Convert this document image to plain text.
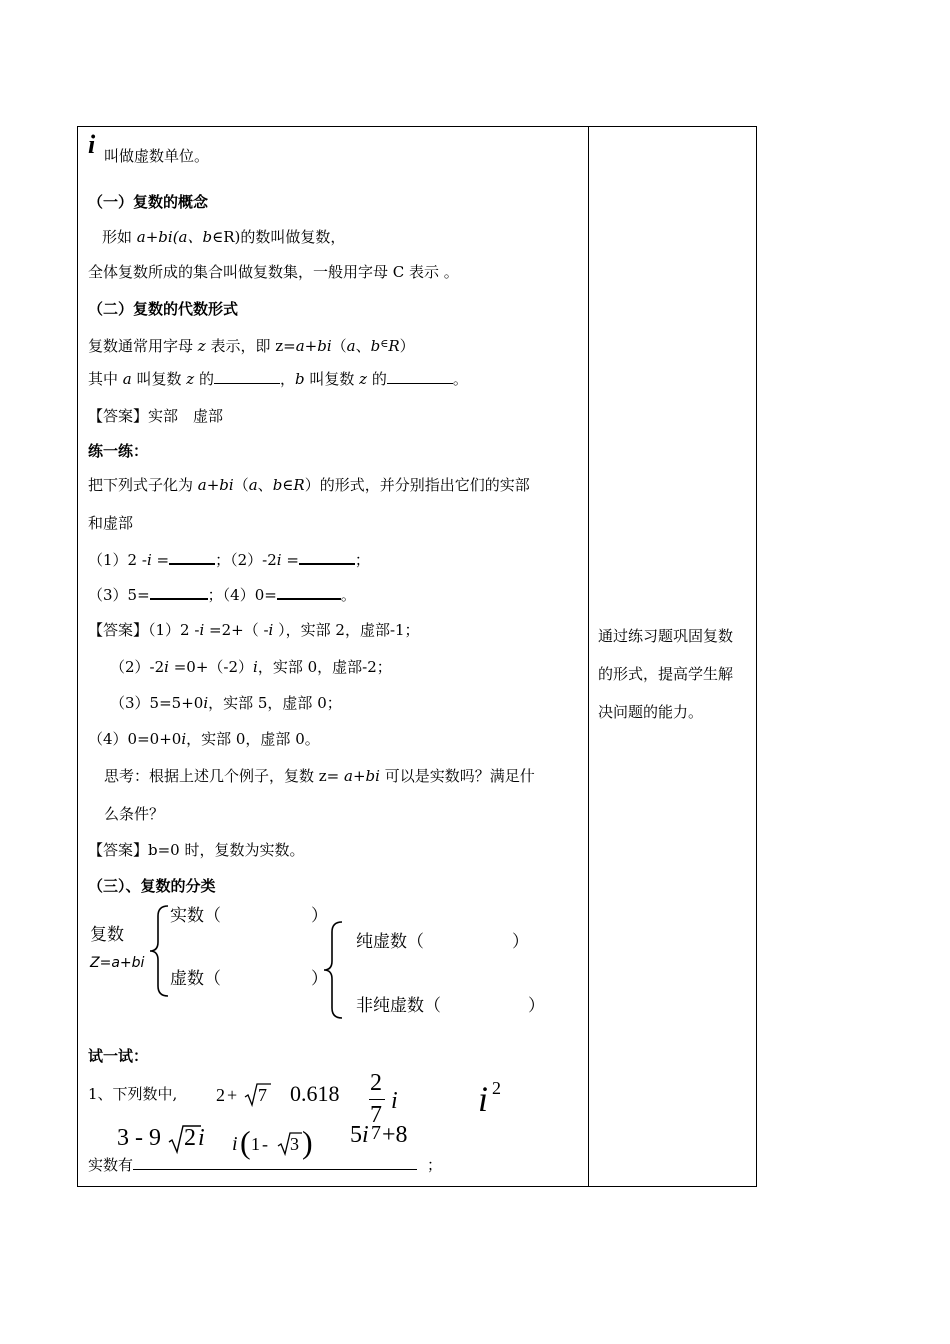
i 叫做虚数单位。
（一）复数的概念
形如 a+bi(a、b∈R)的数叫做复数，
全体复数所成的集合叫做复数集，一般用字母 C 表示 。
（二）复数的代数形式
复数通常用字母 z 表示，即 z=a+bi（a、b∈R）
其中 a 叫复数 z 的	，b 叫复数 z 的	。
【答案】实部　虚部
练一练：
把下列式子化为 a+bi（a、b∈R）的形式，并分别指出它们的实部
和虚部
（1）2 -i =	；（2）-2i =	；
（3）5=	；（4）0=	。
【答案】（1）2 -i =2+（ -i ），实部 2，虚部-1；
（2）-2i =0+（-2）i，实部 0，虚部-2；
（3）5=5+0i，实部 5，虚部 0；
（4）0=0+0i，实部 0，虚部 0。
思考：根据上述几个例子，复数 z= a+bi 可以是实数吗？满足什
么条件？
【答案】b=0 时，复数为实数。
（三）、复数的分类
复数
Z=a+bi
实数（	）
虚数（	）
纯虚数（	）
非纯虚数（	）
试一试：
1、下列数中, 2 + 7 0.618 2
7
i i 2
3 - 9 2 i i ( 1 - 3 ) 5i 7 +8
实数有	；
通过练习题巩固复数的形式，提高学生解决问题的能力。
